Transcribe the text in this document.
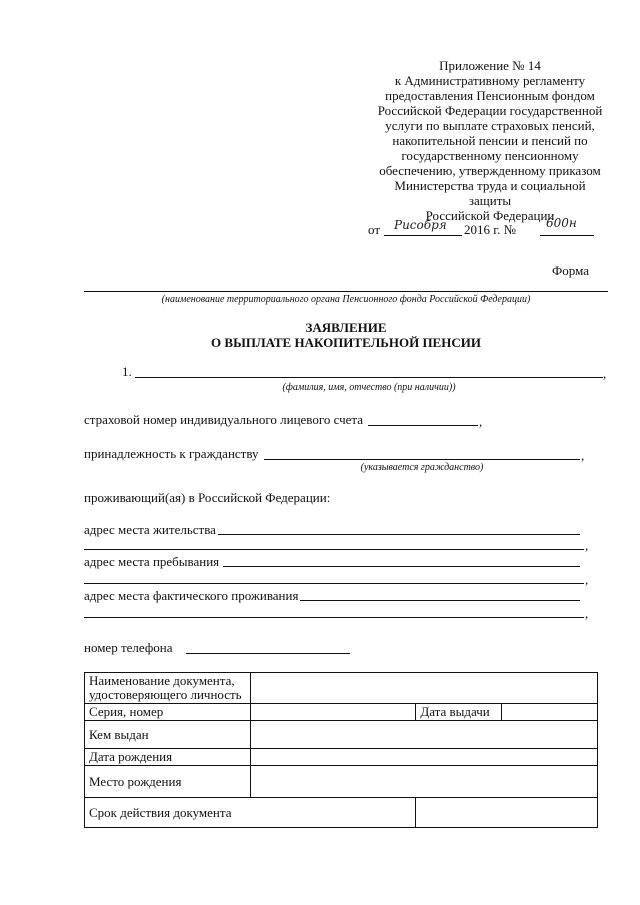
Приложение № 14
к Административному регламенту
предоставления Пенсионным фондом
Российской Федерации государственной
услуги по выплате страховых пенсий,
накопительной пенсии и пенсий по
государственному пенсионному
обеспечению, утвержденному приказом
Министерства труда и социальной
защиты
Российской Федерации
от Рисобря 2016 г. № 600н
Форма
(наименование территориального органа Пенсионного фонда Российской Федерации)
ЗАЯВЛЕНИЕ
О ВЫПЛАТЕ НАКОПИТЕЛЬНОЙ ПЕНСИИ
1.	,
(фамилия, имя, отчество (при наличии))
страховой номер индивидуального лицевого счета	,
принадлежность к гражданству	,
(указывается гражданство)
проживающий(ая) в Российской Федерации:
адрес места жительства
,
адрес места пребывания
,
адрес места фактического проживания
,
номер телефона
Наименование документа,
удостоверяющего личность			

Серия, номер		Дата выдачи	
Кем выдан			
Дата рождения			
Место рождения			
Срок действия документа			
